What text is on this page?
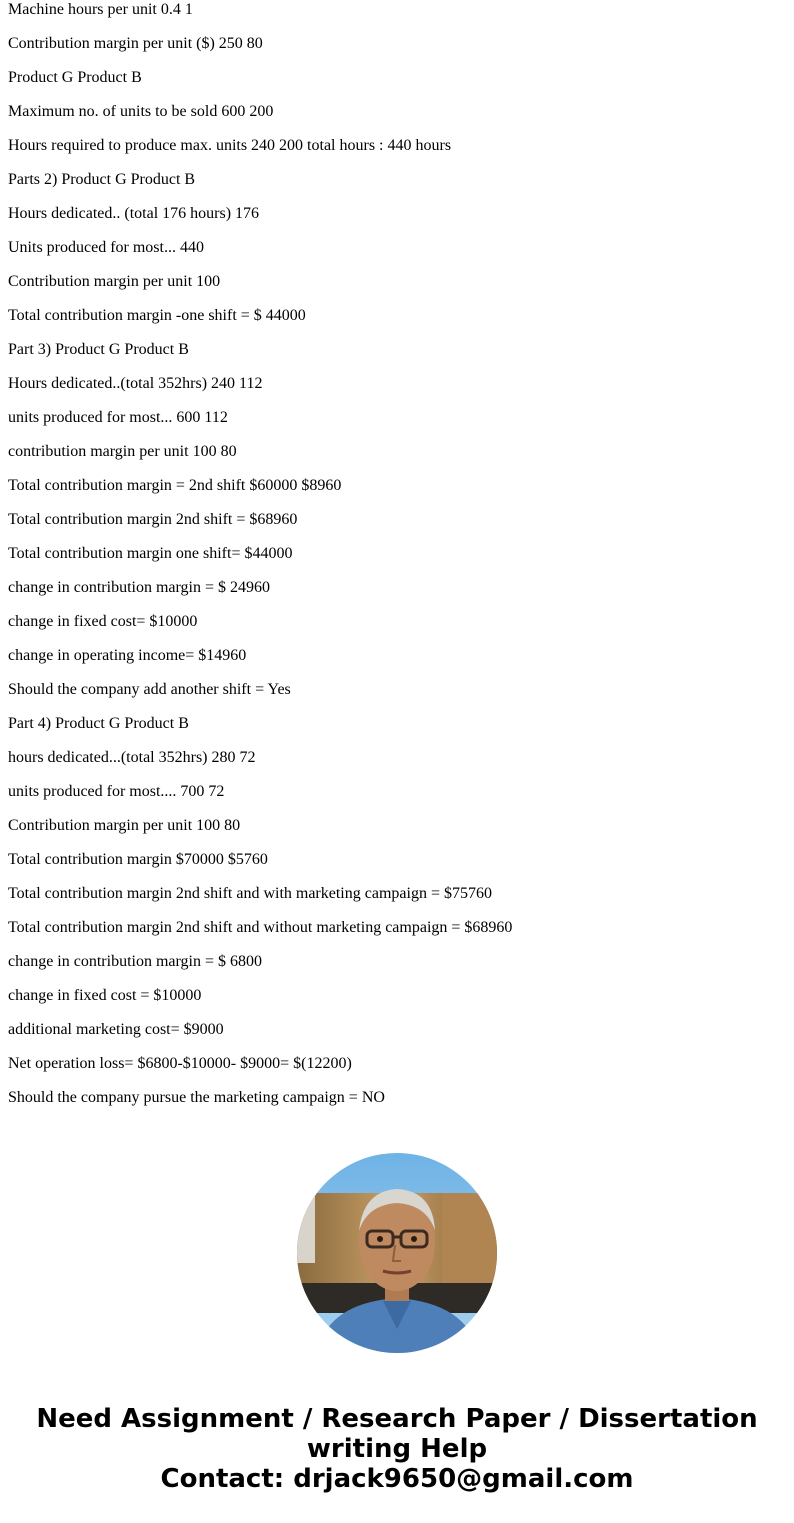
Machine hours per unit 0.4 1
Contribution margin per unit ($) 250 80
Product G Product B
Maximum no. of units to be sold 600 200
Hours required to produce max. units 240 200 total hours : 440 hours
Parts 2) Product G Product B
Hours dedicated.. (total 176 hours) 176
Units produced for most... 440
Contribution margin per unit 100
Total contribution margin -one shift = $ 44000
Part 3) Product G Product B
Hours dedicated..(total 352hrs) 240 112
units produced for most... 600 112
contribution margin per unit 100 80
Total contribution margin = 2nd shift $60000 $8960
Total contribution margin 2nd shift = $68960
Total contribution margin one shift= $44000
change in contribution margin = $ 24960
change in fixed cost= $10000
change in operating income= $14960
Should the company add another shift = Yes
Part 4) Product G Product B
hours dedicated...(total 352hrs) 280 72
units produced for most.... 700 72
Contribution margin per unit 100 80
Total contribution margin $70000 $5760
Total contribution margin 2nd shift and with marketing campaign = $75760
Total contribution margin 2nd shift and without marketing campaign = $68960
change in contribution margin = $ 6800
change in fixed cost = $10000
additional marketing cost= $9000
Net operation loss= $6800-$10000- $9000= $(12200)
Should the company pursue the marketing campaign = NO
Need Assignment / Research Paper / Dissertation
writing Help
Contact: drjack9650@gmail.com
